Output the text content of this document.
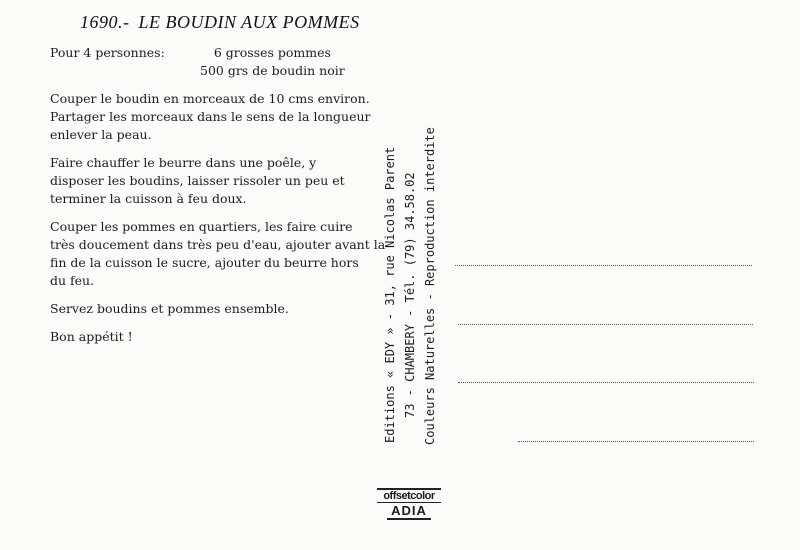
1690.- LE BOUDIN AUX POMMES
Pour 4 personnes:	6 grosses pommes
500 grs de boudin noir

Couper le boudin en morceaux de 10 cms environ.
Partager les morceaux dans le sens de la longueur
enlever la peau.

Faire chauffer le beurre dans une poêle, y
disposer les boudins, laisser rissoler un peu et
terminer la cuisson à feu doux.

Couper les pommes en quartiers, les faire cuire
très doucement dans très peu d'eau, ajouter avant la
fin de la cuisson le sucre, ajouter du beurre hors
du feu.

Servez boudins et pommes ensemble.

Bon appétit !	Editions « EDY » - 31, rue Nicolas Parent 73 - CHAMBERY - Tél. (79) 34.58.02 Couleurs Naturelles - Reproduction interdite
offsetcolor
ADIA
